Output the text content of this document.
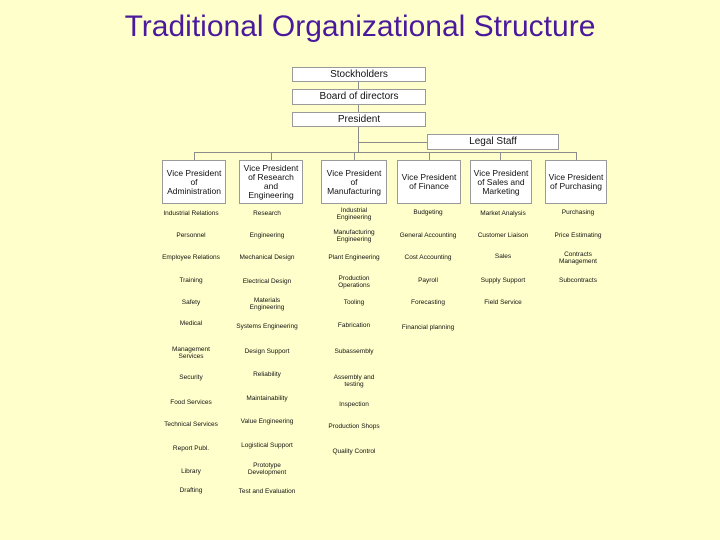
Traditional Organizational Structure
Stockholders
Board of directors
President
Legal Staff
Vice President of Administration
Vice President of Research and Engineering
Vice President of Manufacturing
Vice President of Finance
Vice President of Sales and Marketing
Vice President of Purchasing
Industrial Relations
Personnel
Employee Relations
Training
Safety
Medical
Management Services
Security
Food Services
Technical Services
Report Publ.
Library
Drafting
Research
Engineering
Mechanical Design
Electrical Design
Materials Engineering
Systems Engineering
Design Support
Reliability
Maintainability
Value Engineering
Logistical Support
Prototype Development
Test and Evaluation
Industrial Engineering
Manufacturing Engineering
Plant Engineering
Production Operations
Tooling
Fabrication
Subassembly
Assembly and testing
Inspection
Production Shops
Quality Control
Budgeting
General Accounting
Cost Accounting
Payroll
Forecasting
Financial planning
Market Analysis
Customer Liaison
Sales
Supply Support
Field Service
Purchasing
Price Estimating
Contracts Management
Subcontracts
